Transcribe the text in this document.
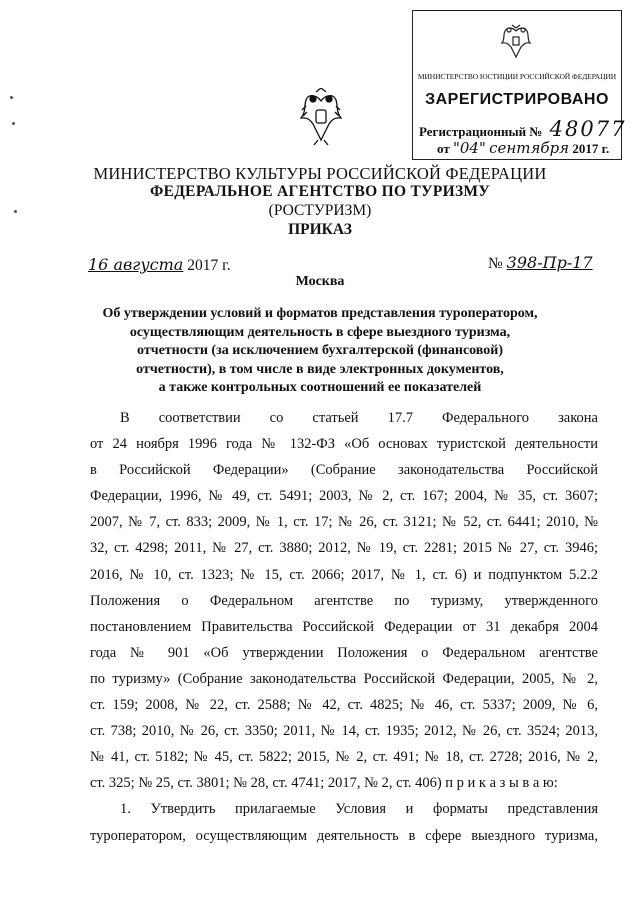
МИНИСТЕРСТВО ЮСТИЦИИ РОССИЙСКОЙ ФЕДЕРАЦИИ
ЗАРЕГИСТРИРОВАНО
Регистрационный № 48077
от "04" сентября 2017 г.
МИНИСТЕРСТВО КУЛЬТУРЫ РОССИЙСКОЙ ФЕДЕРАЦИИ
ФЕДЕРАЛЬНОЕ АГЕНТСТВО ПО ТУРИЗМУ
(РОСТУРИЗМ)
ПРИКАЗ
16 августа 2017 г.	№ 398-Пр-17
Москва
Об утверждении условий и форматов представления туроператором,
осуществляющим деятельность в сфере выездного туризма,
отчетности (за исключением бухгалтерской (финансовой)
отчетности), в том числе в виде электронных документов,
а также контрольных соотношений ее показателей
В соответствии со статьей 17.7 Федерального закона
от 24 ноября 1996 года № 132-ФЗ «Об основах туристской деятельности
в Российской Федерации» (Собрание законодательства Российской
Федерации, 1996, № 49, ст. 5491; 2003, № 2, ст. 167; 2004, № 35, ст. 3607;
2007, № 7, ст. 833; 2009, № 1, ст. 17; № 26, ст. 3121; № 52, ст. 6441; 2010, №
32, ст. 4298; 2011, № 27, ст. 3880; 2012, № 19, ст. 2281; 2015 № 27, ст. 3946;
2016, № 10, ст. 1323; № 15, ст. 2066; 2017, № 1, ст. 6) и подпунктом 5.2.2
Положения о Федеральном агентстве по туризму, утвержденного
постановлением Правительства Российской Федерации от 31 декабря 2004
года № 901 «Об утверждении Положения о Федеральном агентстве
по туризму» (Собрание законодательства Российской Федерации, 2005, № 2,
ст. 159; 2008, № 22, ст. 2588; № 42, ст. 4825; № 46, ст. 5337; 2009, № 6,
ст. 738; 2010, № 26, ст. 3350; 2011, № 14, ст. 1935; 2012, № 26, ст. 3524; 2013,
№ 41, ст. 5182; № 45, ст. 5822; 2015, № 2, ст. 491; № 18, ст. 2728; 2016, № 2,
ст. 325; № 25, ст. 3801; № 28, ст. 4741; 2017, № 2, ст. 406) п р и к а з ы в а ю:
1. Утвердить прилагаемые Условия и форматы представления
туроператором, осуществляющим деятельность в сфере выездного туризма,
